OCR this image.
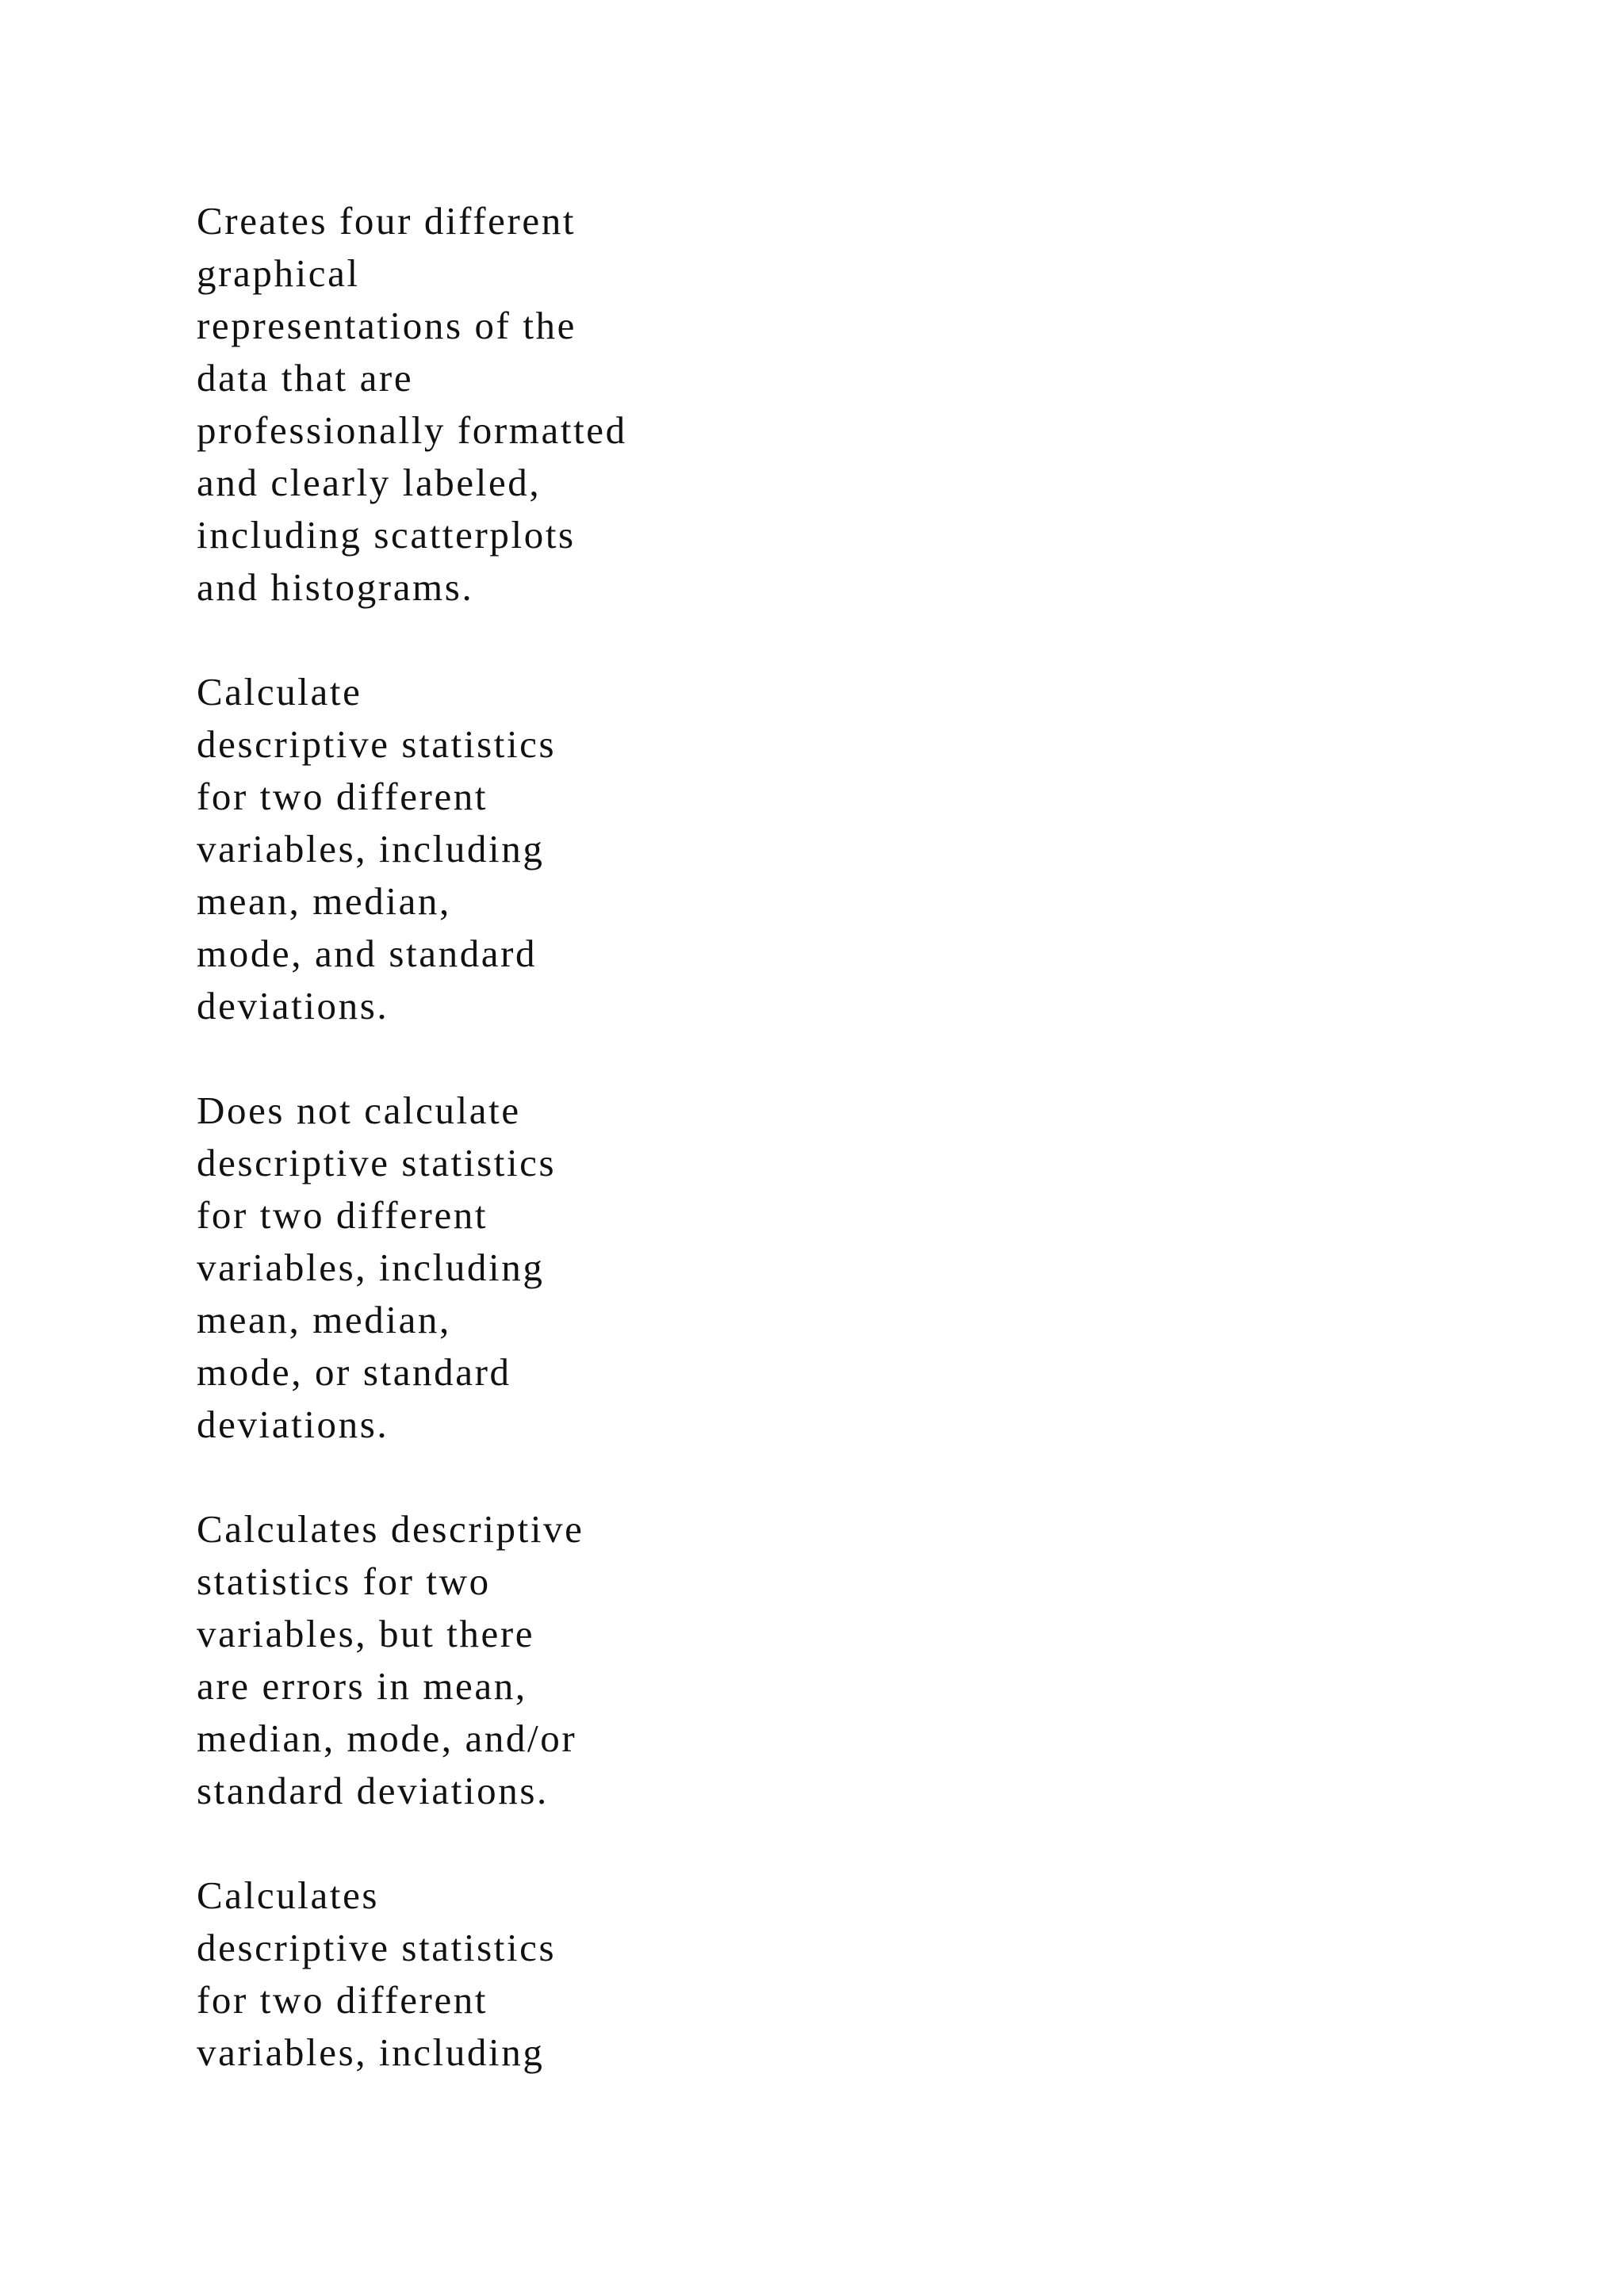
Creates four different
graphical
representations of the
data that are
professionally formatted
and clearly labeled,
including scatterplots
and histograms.
Calculate
descriptive statistics
for two different
variables, including
mean, median,
mode, and standard
deviations.
Does not calculate
descriptive statistics
for two different
variables, including
mean, median,
mode, or standard
deviations.
Calculates descriptive
statistics for two
variables, but there
are errors in mean,
median, mode, and/or
standard deviations.
Calculates
descriptive statistics
for two different
variables, including
